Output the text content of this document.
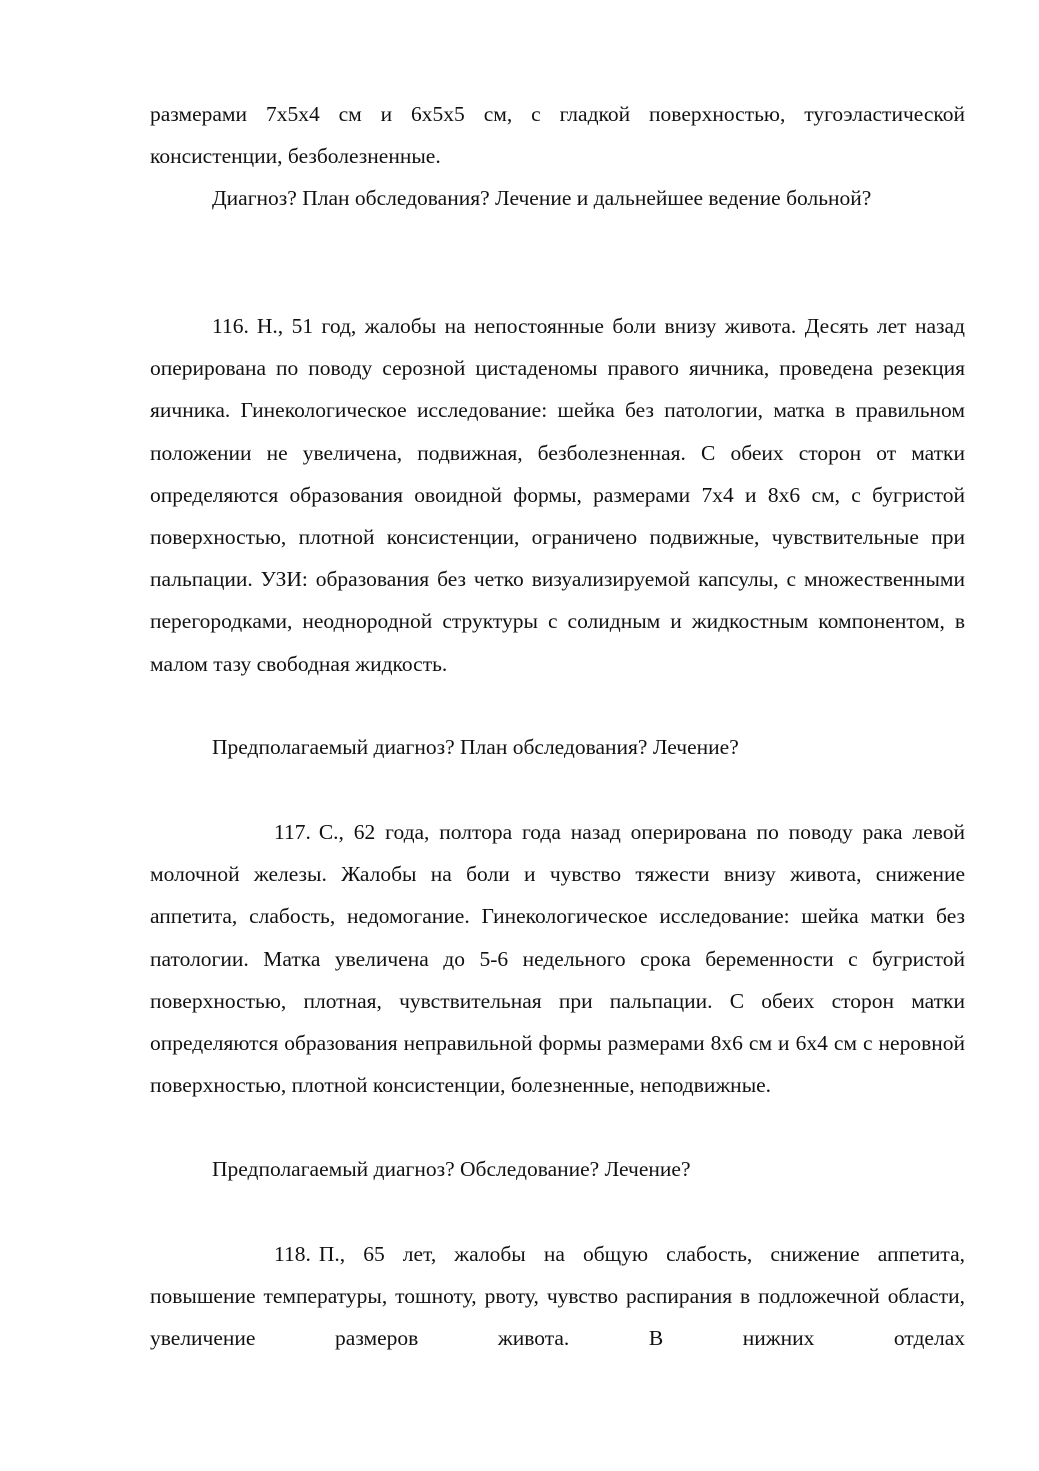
размерами 7х5х4 см и 6х5х5 см, с гладкой поверхностью, тугоэластической консистенции, безболезненные.

Диагноз? План обследования? Лечение и дальнейшее ведение больной?

116. Н., 51 год, жалобы на непостоянные боли внизу живота. Десять лет назад оперирована по поводу серозной цистаденомы правого яичника, проведена резекция яичника. Гинекологическое исследование: шейка без патологии, матка в правильном положении не увеличена, подвижная, безболезненная. С обеих сторон от матки определяются образования овоидной формы, размерами 7х4 и 8х6 см, с бугристой поверхностью, плотной консистенции, ограничено подвижные, чувствительные при пальпации. УЗИ: образования без четко визуализируемой капсулы, с множественными перегородками, неоднородной структуры с солидным и жидкостным компонентом, в малом тазу свободная жидкость.

Предполагаемый диагноз? План обследования? Лечение?

117. С., 62 года, полтора года назад оперирована по поводу рака левой молочной железы. Жалобы на боли и чувство тяжести внизу живота, снижение аппетита, слабость, недомогание. Гинекологическое исследование: шейка матки без патологии. Матка увеличена до 5-6 недельного срока беременности с бугристой поверхностью, плотная, чувствительная при пальпации. С обеих сторон матки определяются образования неправильной формы размерами 8х6 см и 6х4 см с неровной поверхностью, плотной консистенции, болезненные, неподвижные.

Предполагаемый диагноз? Обследование? Лечение?

118. П., 65 лет, жалобы на общую слабость, снижение аппетита, повышение температуры, тошноту, рвоту, чувство распирания в подложечной области, увеличение размеров живота. В нижних отделах
